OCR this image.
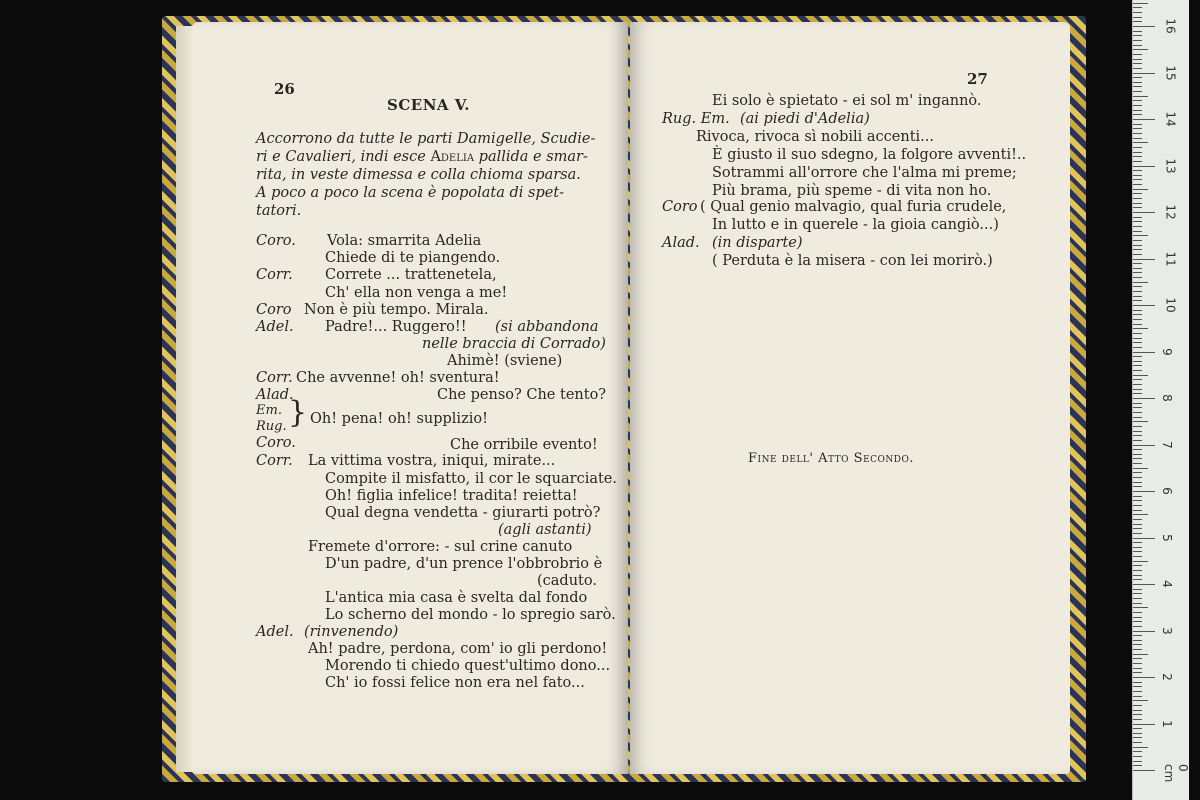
26
SCENA V.
Accorrono da tutte le parti Damigelle, Scudie-
ri e Cavalieri, indi esce Adelia pallida e smar-
rita, in veste dimessa e colla chioma sparsa.
A poco a poco la scena è popolata di spet-
tatori.
Coro. Vola: smarrita Adelia
Chiede di te piangendo.
Corr. Correte ... trattenetela,
Ch' ella non venga a me!
Coro Non è più tempo. Mirala.
Adel. Padre!... Ruggero!! (si abbandona
nelle braccia di Corrado)
Ahimè! (sviene)
Corr. Che avvenne! oh! sventura!
Alad.	Che penso? Che tento?
Em.
Rug. } Oh! pena! oh! supplizio!
Coro.	Che orribile evento!
Corr. La vittima vostra, iniqui, mirate...
Compite il misfatto, il cor le squarciate.
Oh! figlia infelice! tradita! reietta!
Qual degna vendetta - giurarti potrò?
(agli astanti)
Fremete d'orrore: - sul crine canuto
D'un padre, d'un prence l'obbrobrio è
(caduto.
L'antica mia casa è svelta dal fondo
Lo scherno del mondo - lo spregio sarò.
Adel. (rinvenendo)
Ah! padre, perdona, com' io gli perdono!
Morendo ti chiedo quest'ultimo dono...
Ch' io fossi felice non era nel fato...
27
Ei solo è spietato - ei sol m' ingannò.
Rug. Em. (ai piedi d'Adelia)
Rivoca, rivoca sì nobili accenti...
È giusto il suo sdegno, la folgore avventi!..
Sotrammi all'orrore che l'alma mi preme;
Più brama, più speme - di vita non ho.
Coro ( Qual genio malvagio, qual furia crudele,
In lutto e in querele - la gioia cangiò...)
Alad. (in disparte)
( Perduta è la misera - con lei morirò.)
Fine dell' Atto Secondo.
0 cm
1
2
3
4
5
6
7
8
9
10
11
12
13
14
15
16
